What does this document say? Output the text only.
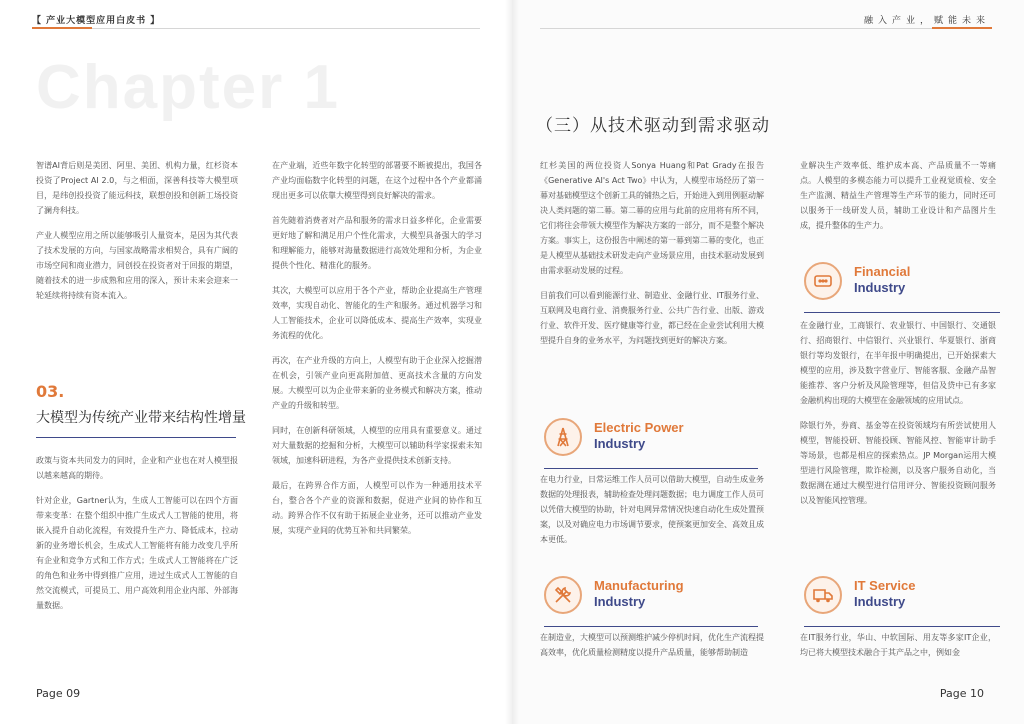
【 产业大模型应用白皮书 】
Chapter 1

智谱AI背后则是美团、阿里、美团、机构力量，红杉资本投资了Project AI 2.0，与之相面，深善科技等大模型项目，是纬创投投资了能远科技，联想创投和创新工场投资了澜舟科技。

产业人模型应用之所以能够吸引人量资本，是因为其代表了技术发展的方向，与国家战略需求相契合，具有广阔的市场空间和商业潜力，同创投在投资者对于回报的期望，随着技术的进一步成熟和应用的深入，预计未来会迎来一轮延续将持续有资本流入。

03.
大模型为传统产业带来结构性增量

政策与资本共同发力的同时，企业和产业也在对人模型报以越来越高的期待。

针对企业，Gartner认为，生成人工智能可以在四个方面带来变革：在整个组织中推广生成式人工智能的使用，将嵌入提升自动化流程，有效提升生产力、降低成本，拉动新的业务增长机会，生成式人工智能将有能力改变几乎所有企业和竞争方式和工作方式；生成式人工智能将在广泛的角色和业务中得到推广应用，进过生成式人工智能的自然交流模式，可提员工、用户高效利用企业内部、外部海量数据。

在产业端，近些年数字化转型的部署要不断被提出，我国各产业均面临数字化转型的问题，在这个过程中各个产业都涌现出更多可以依靠大模型得到良好解决的需求。

首先随着消费者对产品和服务的需求日益多样化，企业需要更好地了解和满足用户个性化需求，大模型具备强大的学习和理解能力，能够对海量数据进行高效处理和分析，为企业提供个性化、精准化的服务。

其次，大模型可以应用于各个产业，帮助企业提高生产管理效率，实现自动化、智能化的生产和服务。通过机器学习和人工智能技术，企业可以降低成本、提高生产效率，实现业务流程的优化。

再次，在产业升级的方向上，人模型有助于企业深入挖掘潜在机会，引领产业向更高附加值、更高技术含量的方向发展。大模型可以为企业带来新的业务模式和解决方案，推动产业的升级和转型。

同时，在创新科研领域，人模型的应用具有重要意义。通过对大量数据的挖掘和分析，大模型可以辅助科学家探索未知领域，加速科研进程，为各产业提供技术创新支持。

最后，在跨界合作方面，人模型可以作为一种通用技术平台，整合各个产业的资源和数据，促进产业间的协作和互动。跨界合作不仅有助于拓展企业业务，还可以推动产业发展，实现产业间的优势互补和共同繁荣。

Page 09
融入产业，赋能未来

红杉美国的两位投资人Sonya Huang和Pat Grady在报告《Generative AI's Act Two》中认为，人模型市场经历了第一幕对基础模型这个创新工具的铺热之后，开始进入到用例驱动解决人类问题的第二幕。第二幕的应用与此前的应用将有所不同，它们将往会带领大模型作为解决方案的一部分，而不是整个解决方案。事实上，这份报告中阐述的第一幕到第二幕的变化，也正是人模型从基础技术研发走向产业场景应用，由技术驱动发展到由需求驱动发展的过程。

目前我们可以看到能源行业、制造业、金融行业、IT服务行业、互联网及电商行业、消费服务行业、公共广告行业、出版、游戏行业、软件开发、医疗健康等行业，都已经在企业尝试利用大模型提升自身的业务水平，为问题找到更好的解决方案。

Electric Power
Industry

在电力行业，日常运维工作人员可以借助大模型，自动生成业务数据的处理报表，辅助检查处理问题数据；电力调度工作人员可以凭借大模型的协助，针对电网异常情况快速自动化生成处置预案，以及对确应电力市场调节要求，使预案更加安全、高效且成本更低。

Manufacturing
Industry

在制造业，大模型可以预测维护减少停机时间，优化生产流程提高效率，优化质量检测精度以提升产品质量，能够帮助制造

业解决生产效率低、维护成本高、产品质量不一等痛点。人模型的多模态能力可以提升工业视觉质检、安全生产监测、精益生产管理等生产环节的能力，同时还可以服务于一线研发人员，辅助工业设计和产品图片生成，提升整体的生产力。

Financial
Industry

在金融行业，工商银行、农业银行、中国银行、交通银行、招商银行、中信银行、兴业银行、华夏银行、浙商银行等均发银行，在半年报中明确提出，已开始探索大模型的应用，涉及数字营业厅、智能客服、金融产品智能推荐、客户分析及风险管理等，但信及贷中已有多家金融机构出现的大模型在金融领域的应用试点。

除银行外，券商、基金等在投资领域均有所尝试使用人模型，智能投研、智能投顾、智能风控、智能审计助手等场景，也都是相应的探索热点。JP Morgan运用大模型进行风险管理，欺诈检测，以及客户服务自动化，当数据测在通过大模型进行信用评分、智能投资顾问服务以及智能风控管理。

IT Service
Industry

在IT服务行业，华山、中软国际、用友等多家IT企业，均已将大模型技术融合于其产品之中，例如金

Page 10
（三）从技术驱动到需求驱动
